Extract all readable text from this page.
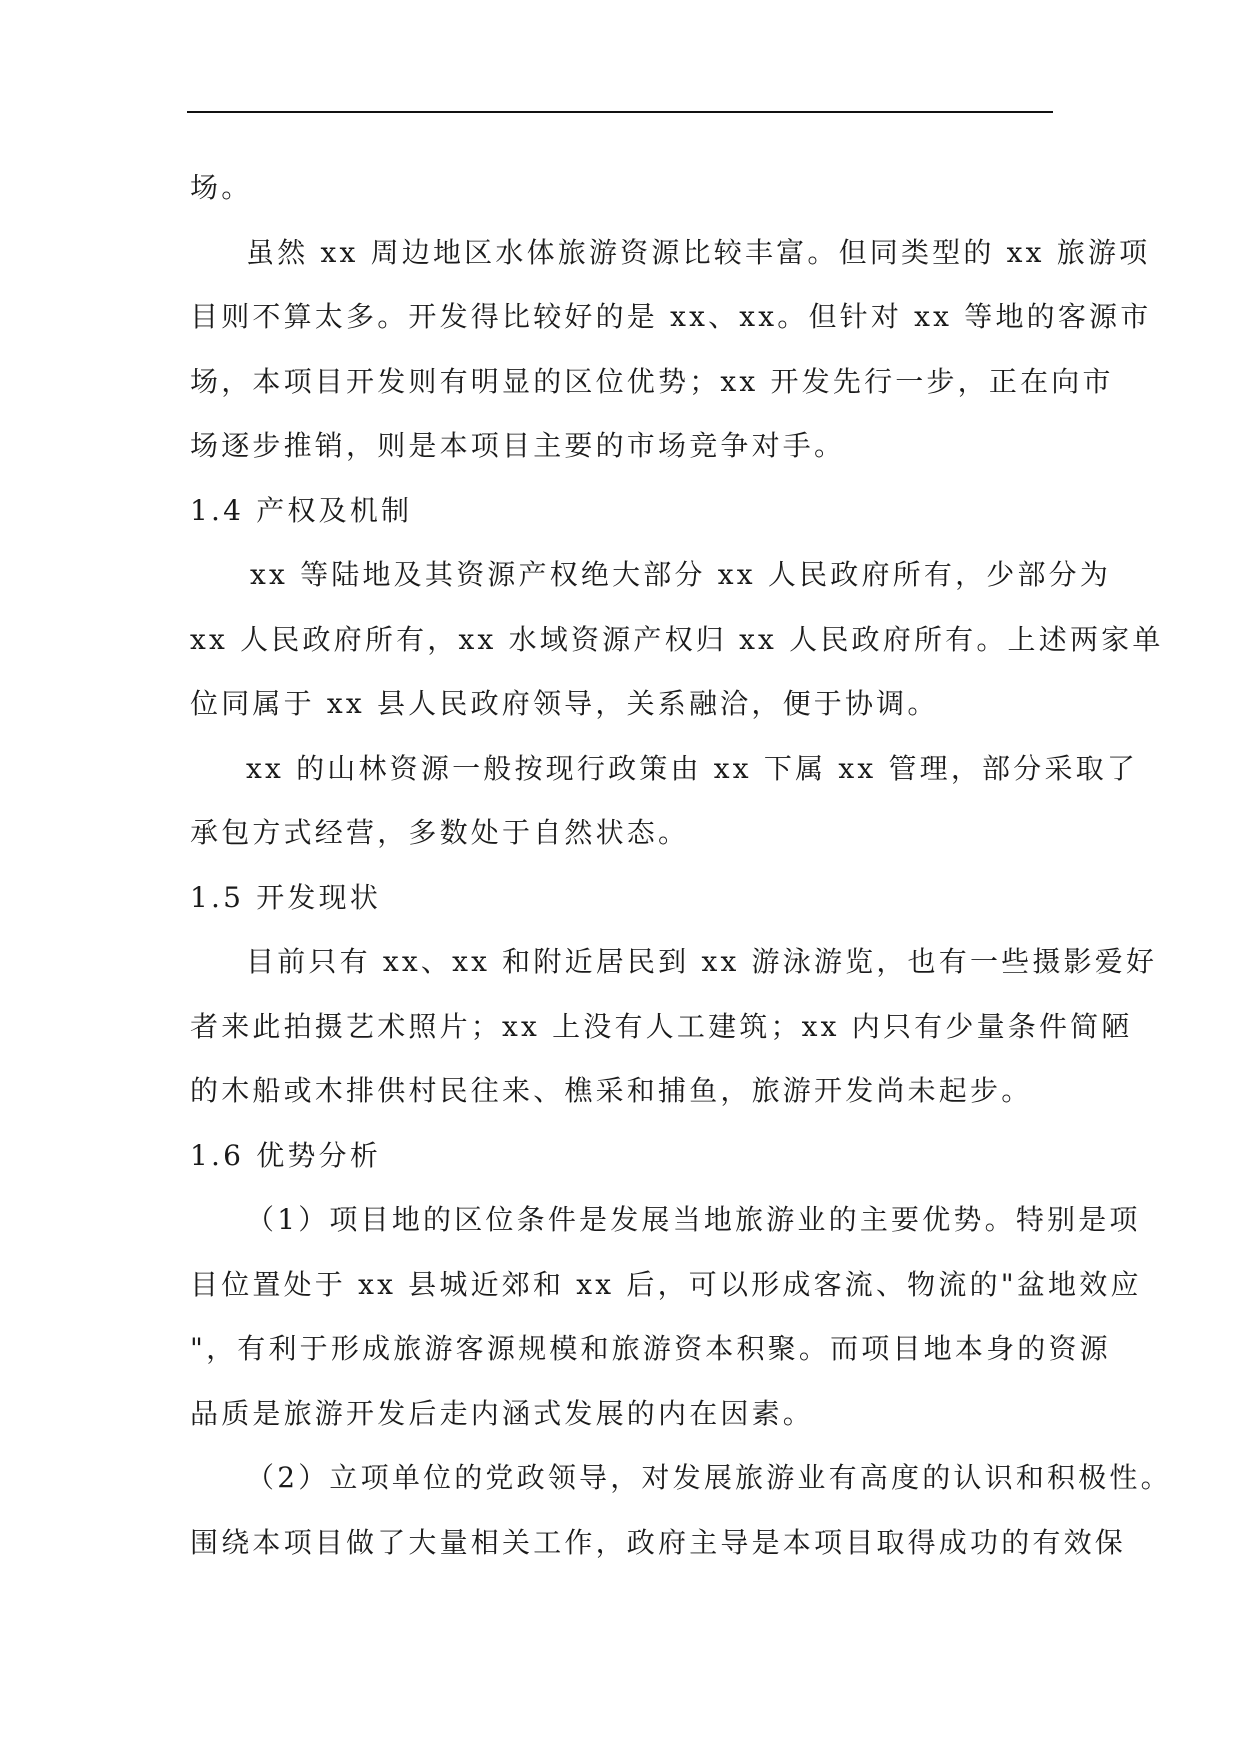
场。
虽然 xx 周边地区水体旅游资源比较丰富。但同类型的 xx 旅游项
目则不算太多。开发得比较好的是 xx、xx。但针对 xx 等地的客源市
场，本项目开发则有明显的区位优势；xx 开发先行一步，正在向市
场逐步推销，则是本项目主要的市场竞争对手。
1.4 产权及机制
xx 等陆地及其资源产权绝大部分 xx 人民政府所有，少部分为
xx 人民政府所有，xx 水域资源产权归 xx 人民政府所有。上述两家单
位同属于 xx 县人民政府领导，关系融洽，便于协调。
xx 的山林资源一般按现行政策由 xx 下属 xx 管理，部分采取了
承包方式经营，多数处于自然状态。
1.5 开发现状
目前只有 xx、xx 和附近居民到 xx 游泳游览，也有一些摄影爱好
者来此拍摄艺术照片；xx 上没有人工建筑；xx 内只有少量条件简陋
的木船或木排供村民往来、樵采和捕鱼，旅游开发尚未起步。
1.6 优势分析
（1）项目地的区位条件是发展当地旅游业的主要优势。特别是项
目位置处于 xx 县城近郊和 xx 后，可以形成客流、物流的"盆地效应
"，有利于形成旅游客源规模和旅游资本积聚。而项目地本身的资源
品质是旅游开发后走内涵式发展的内在因素。
（2）立项单位的党政领导，对发展旅游业有高度的认识和积极性。
围绕本项目做了大量相关工作，政府主导是本项目取得成功的有效保
